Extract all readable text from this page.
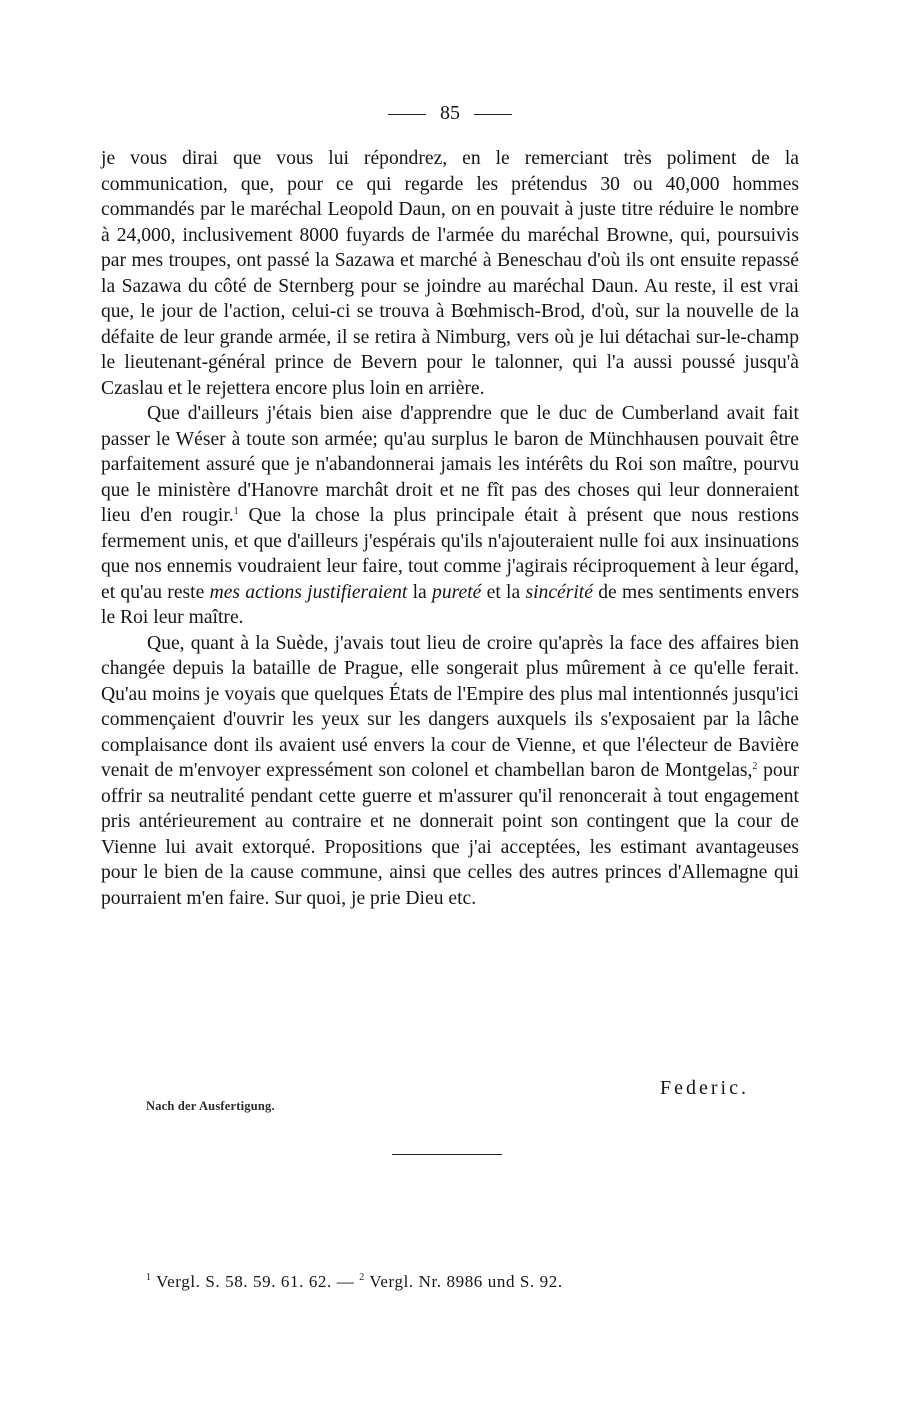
85

je vous dirai que vous lui répondrez, en le remerciant très poliment de la communication, que, pour ce qui regarde les prétendus 30 ou 40,000 hommes commandés par le maréchal Leopold Daun, on en pouvait à juste titre réduire le nombre à 24,000, inclusivement 8000 fuyards de l'armée du maréchal Browne, qui, poursuivis par mes troupes, ont passé la Sazawa et marché à Beneschau d'où ils ont ensuite repassé la Sazawa du côté de Sternberg pour se joindre au maréchal Daun. Au reste, il est vrai que, le jour de l'action, celui-ci se trouva à Bœhmisch-Brod, d'où, sur la nouvelle de la défaite de leur grande armée, il se retira à Nimburg, vers où je lui détachai sur-le-champ le lieutenant-général prince de Bevern pour le talonner, qui l'a aussi poussé jusqu'à Czaslau et le rejettera encore plus loin en arrière.

Que d'ailleurs j'étais bien aise d'apprendre que le duc de Cumberland avait fait passer le Wéser à toute son armée; qu'au surplus le baron de Münchhausen pouvait être parfaitement assuré que je n'abandonnerai jamais les intérêts du Roi son maître, pourvu que le ministère d'Hanovre marchât droit et ne fît pas des choses qui leur donneraient lieu d'en rougir.$^1$ Que la chose la plus principale était à présent que nous restions fermement unis, et que d'ailleurs j'espérais qu'ils n'ajouteraient nulle foi aux insinuations que nos ennemis voudraient leur faire, tout comme j'agirais réciproquement à leur égard, et qu'au reste mes actions justifieraient la pureté et la sincérité de mes sentiments envers le Roi leur maître.

Que, quant à la Suède, j'avais tout lieu de croire qu'après la face des affaires bien changée depuis la bataille de Prague, elle songerait plus mûrement à ce qu'elle ferait. Qu'au moins je voyais que quelques États de l'Empire des plus mal intentionnés jusqu'ici commençaient d'ouvrir les yeux sur les dangers auxquels ils s'exposaient par la lâche complaisance dont ils avaient usé envers la cour de Vienne, et que l'électeur de Bavière venait de m'envoyer expressément son colonel et chambellan baron de Montgelas,$^2$ pour offrir sa neutralité pendant cette guerre et m'assurer qu'il renoncerait à tout engagement pris antérieurement au contraire et ne donnerait point son contingent que la cour de Vienne lui avait extorqué. Propositions que j'ai acceptées, les estimant avantageuses pour le bien de la cause commune, ainsi que celles des autres princes d'Allemagne qui pourraient m'en faire. Sur quoi, je prie Dieu etc.

Federic.
Nach der Ausfertigung.
$^1$ Vergl. S. 58. 59. 61. 62. — $^2$ Vergl. Nr. 8986 und S. 92.
